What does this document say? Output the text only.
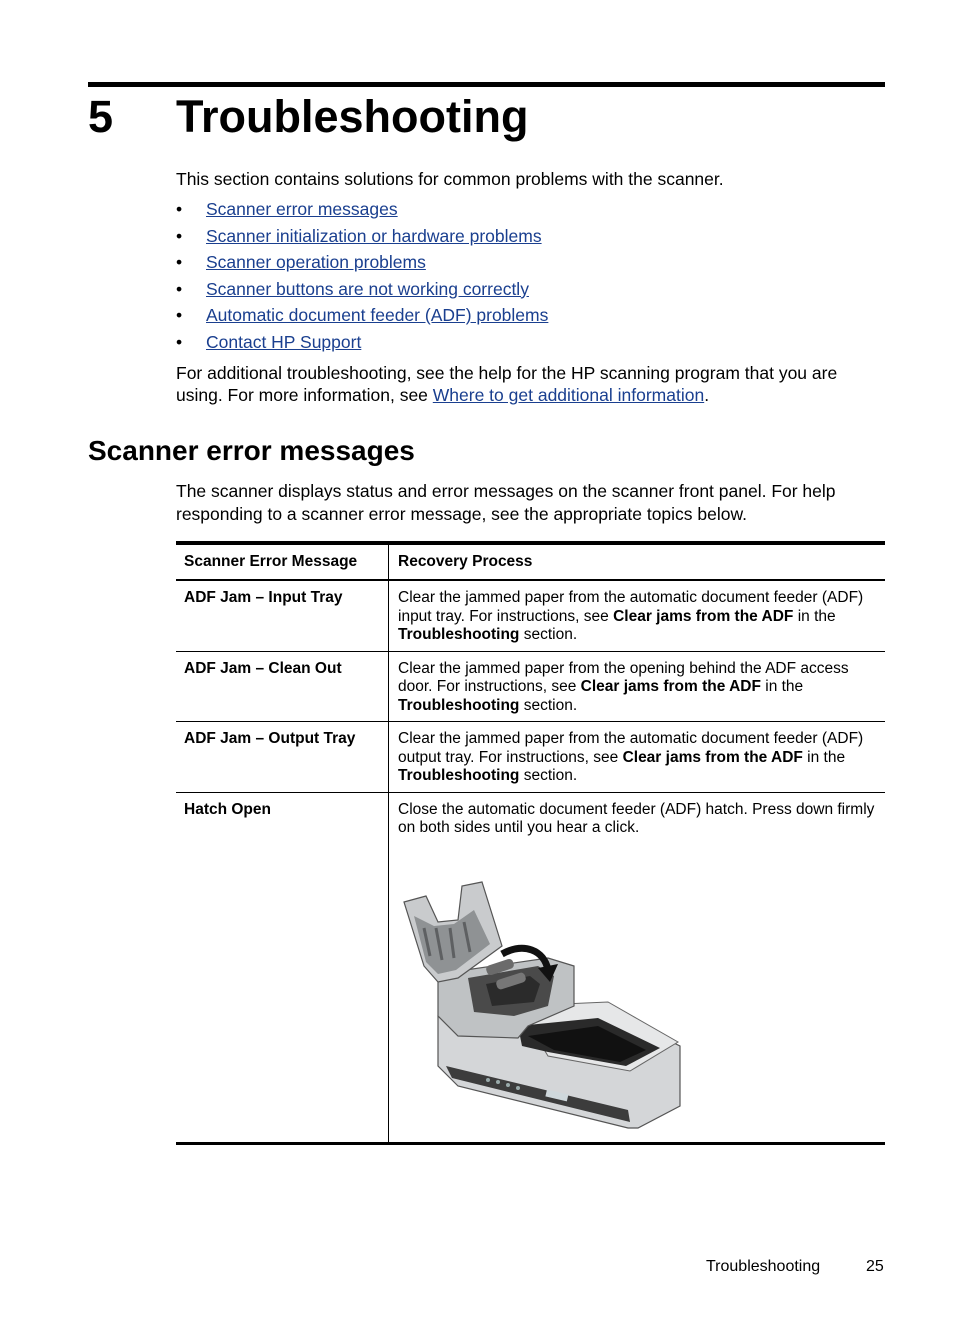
5 Troubleshooting
This section contains solutions for common problems with the scanner.
• Scanner error messages
• Scanner initialization or hardware problems
• Scanner operation problems
• Scanner buttons are not working correctly
• Automatic document feeder (ADF) problems
• Contact HP Support
For additional troubleshooting, see the help for the HP scanning program that you are using. For more information, see Where to get additional information.
Scanner error messages
The scanner displays status and error messages on the scanner front panel. For help responding to a scanner error message, see the appropriate topics below.
Scanner Error Message	Recovery Process
ADF Jam – Input Tray	Clear the jammed paper from the automatic document feeder (ADF) input tray. For instructions, see Clear jams from the ADF in the Troubleshooting section.
ADF Jam – Clean Out	Clear the jammed paper from the opening behind the ADF access door. For instructions, see Clear jams from the ADF in the Troubleshooting section.
ADF Jam – Output Tray	Clear the jammed paper from the automatic document feeder (ADF) output tray. For instructions, see Clear jams from the ADF in the Troubleshooting section.
Hatch Open	Close the automatic document feeder (ADF) hatch. Press down firmly on both sides until you hear a click.
Troubleshooting	25
